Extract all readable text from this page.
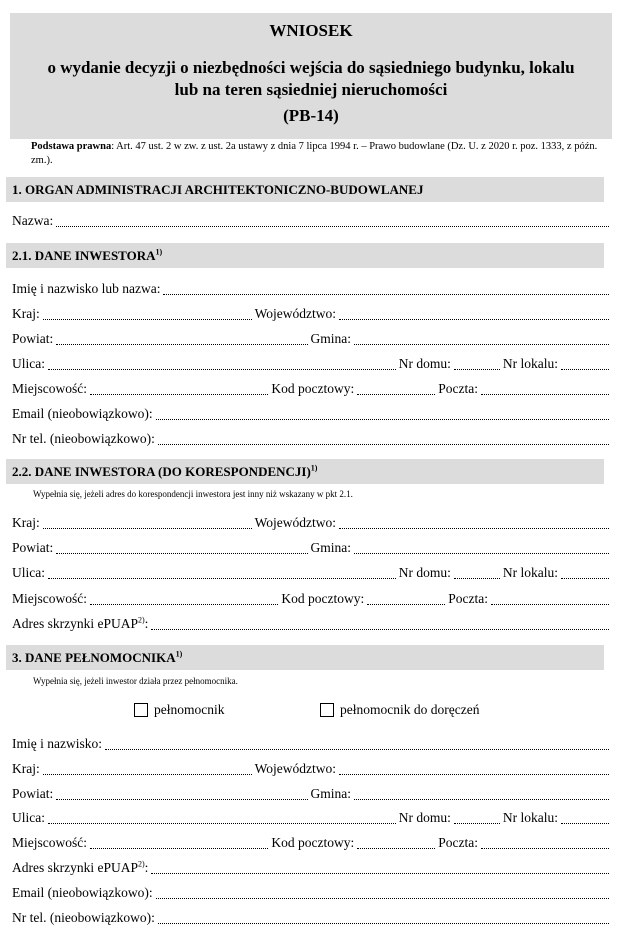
WNIOSEK
o wydanie decyzji o niezbędności wejścia do sąsiedniego budynku, lokalu
lub na teren sąsiedniej nieruchomości
(PB-14)
Podstawa prawna: Art. 47 ust. 2 w zw. z ust. 2a ustawy z dnia 7 lipca 1994 r. – Prawo budowlane (Dz. U. z 2020 r. poz. 1333, z późn. zm.).
1. ORGAN ADMINISTRACJI ARCHITEKTONICZNO-BUDOWLANEJ
Nazwa:
2.1. DANE INWESTORA$^{1)}$
Imię i nazwisko lub nazwa:
Kraj:	Województwo:
Powiat:	Gmina:
Ulica:	Nr domu:	Nr lokalu:
Miejscowość:	Kod pocztowy:	Poczta:
Email (nieobowiązkowo):
Nr tel. (nieobowiązkowo):
2.2. DANE INWESTORA (DO KORESPONDENCJI)$^{1)}$
Wypełnia się, jeżeli adres do korespondencji inwestora jest inny niż wskazany w pkt 2.1.
Kraj:	Województwo:
Powiat:	Gmina:
Ulica:	Nr domu:	Nr lokalu:
Miejscowość:	Kod pocztowy:	Poczta:
Adres skrzynki ePUAP$^{2)}$:
3. DANE PEŁNOMOCNIKA$^{1)}$
Wypełnia się, jeżeli inwestor działa przez pełnomocnika.
pełnomocnik	pełnomocnik do doręczeń
Imię i nazwisko:
Kraj:	Województwo:
Powiat:	Gmina:
Ulica:	Nr domu:	Nr lokalu:
Miejscowość:	Kod pocztowy:	Poczta:
Adres skrzynki ePUAP$^{2)}$:
Email (nieobowiązkowo):
Nr tel. (nieobowiązkowo):
